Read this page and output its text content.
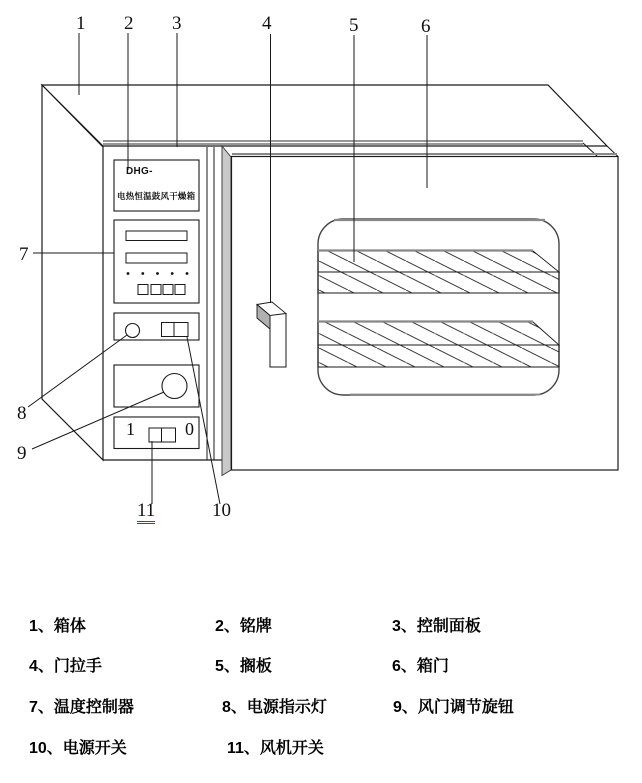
1 2 3	4	5	6
7
8
9
10
11
DHG-
电热恒温鼓风干燥箱
1	0
1、箱体	2、铭牌	3、控制面板
4、门拉手	5、搁板	6、箱门
7、温度控制器	8、电源指示灯	9、风门调节旋钮
10、电源开关	11、风机开关
